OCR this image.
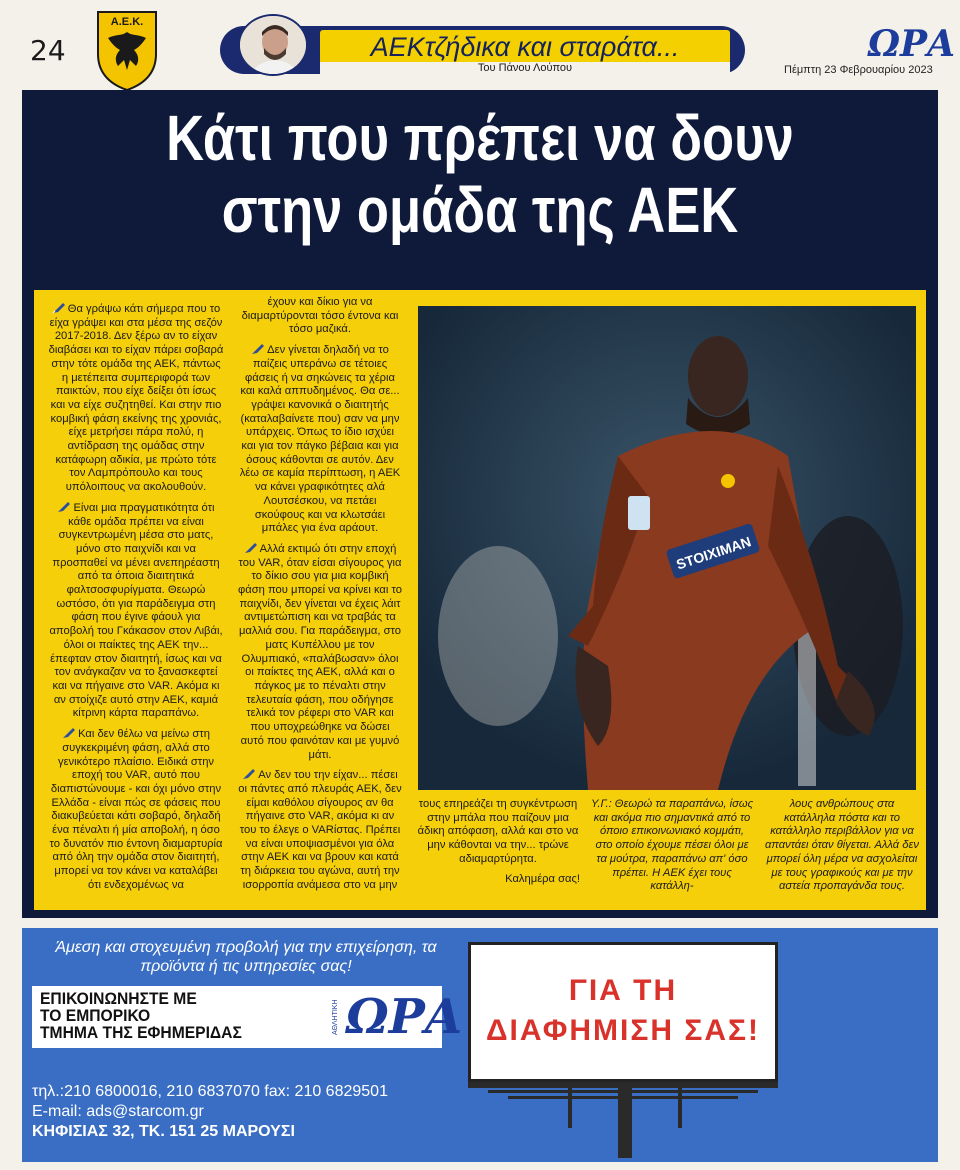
24
Α.Ε.Κ.
ΑΕΚτζήδικα και σταράτα...
Του Πάνου Λούπου
ΩΡΑ
Πέμπτη 23 Φεβρουαρίου 2023
Κάτι που πρέπει να δουν
στην ομάδα της ΑΕΚ

Θα γράψω κάτι σήμερα που το είχα γράψει και στα μέσα της σεζόν 2017-2018. Δεν ξέρω αν το είχαν διαβάσει και το είχαν πάρει σοβαρά στην τότε ομάδα της ΑΕΚ, πάντως η μετέπειτα συμπεριφορά των παικτών, που είχε δείξει ότι ίσως και να είχε συζητηθεί. Και στην πιο κομβική φάση εκείνης της χρονιάς, είχε μετρήσει πάρα πολύ, η αντίδραση της ομάδας στην κατάφωρη αδικία, με πρώτο τότε τον Λαμπρόπουλο και τους υπόλοιπους να ακολουθούν.

Είναι μια πραγματικότητα ότι κάθε ομάδα πρέπει να είναι συγκεντρωμένη μέσα στο ματς, μόνο στο παιχνίδι και να προσπαθεί να μένει ανεπηρέαστη από τα όποια διαιτητικά φαλτσοσφυρίγματα. Θεωρώ ωστόσο, ότι για παράδειγμα στη φάση που έγινε φάουλ για αποβολή του Γκάκασον στον Λιβάι, όλοι οι παίκτες της ΑΕΚ την... έπεφταν στον διαιτητή, ίσως και να τον ανάγκαζαν να το ξανασκεφτεί και να πήγαινε στο VAR. Ακόμα κι αν στοίχιζε αυτό στην ΑΕΚ, καμιά κίτρινη κάρτα παραπάνω.

Και δεν θέλω να μείνω στη συγκεκριμένη φάση, αλλά στο γενικότερο πλαίσιο. Ειδικά στην εποχή του VAR, αυτό που διαπιστώνουμε - και όχι μόνο στην Ελλάδα - είναι πώς σε φάσεις που διακυβεύεται κάτι σοβαρό, δηλαδή ένα πέναλτι ή μία αποβολή, η όσο το δυνατόν πιο έντονη διαμαρτυρία από όλη την ομάδα στον διαιτητή, μπορεί να τον κάνει να καταλάβει ότι ενδεχομένως να

έχουν και δίκιο για να διαμαρτύρονται τόσο έντονα και τόσο μαζικά.

Δεν γίνεται δηλαδή να το παίζεις υπεράνω σε τέτοιες φάσεις ή να σηκώνεις τα χέρια και καλά αππυδημένος. Θα σε... γράψει κανονικά ο διαιτητής (καταλαβαίνετε που) σαν να μην υπάρχεις. Όπως το ίδιο ισχύει και για τον πάγκο βέβαια και για όσους κάθονται σε αυτόν. Δεν λέω σε καμία περίπτωση, η ΑΕΚ να κάνει γραφικότητες αλά Λουτσέσκου, να πετάει σκούφους και να κλωτσάει μπάλες για ένα αράουτ.

Αλλά εκτιμώ ότι στην εποχή του VAR, όταν είσαι σίγουρος για το δίκιο σου για μια κομβική φάση που μπορεί να κρίνει και το παιχνίδι, δεν γίνεται να έχεις λάιτ αντιμετώπιση και να τραβάς τα μαλλιά σου. Για παράδειγμα, στο ματς Κυπέλλου με τον Ολυμπιακό, «παλάβωσαν» όλοι οι παίκτες της ΑΕΚ, αλλά και ο πάγκος με το πέναλτι στην τελευταία φάση, που οδήγησε τελικά τον ρέφερι στο VAR και που υποχρεώθηκε να δώσει αυτό που φαινόταν και με γυμνό μάτι.

Αν δεν του την είχαν... πέσει οι πάντες από πλευράς ΑΕΚ, δεν είμαι καθόλου σίγουρος αν θα πήγαινε στο VAR, ακόμα κι αν του το έλεγε ο VARίστας. Πρέπει να είναι υποψιασμένοι για όλα στην ΑΕΚ και να βρουν και κατά τη διάρκεια του αγώνα, αυτή την ισορροπία ανάμεσα στο να μην

STOIXIMAN

τους επηρεάζει τη συγκέντρωση στην μπάλα που παίζουν μια άδικη απόφαση, αλλά και στο να μην κάθονται να την... τρώνε αδιαμαρτύρητα.

Καλημέρα σας!

Υ.Γ.: Θεωρώ τα παραπάνω, ίσως και ακόμα πιο σημαντικά από το όποιο επικοινωνιακό κομμάτι, στο οποίο έχουμε πέσει όλοι με τα μούτρα, παραπάνω απ' όσο πρέπει. Η ΑΕΚ έχει τους κατάλλη-

λους ανθρώπους στα κατάλληλα πόστα και το κατάλληλο περιβάλλον για να απαντάει όταν θίγεται. Αλλά δεν μπορεί όλη μέρα να ασχολείται με τους γραφικούς και με την αστεία προπαγάνδα τους.

Άμεση και στοχευμένη προβολή για την επιχείρηση, τα προϊόντα ή τις υπηρεσίες σας!
ΕΠΙΚΟΙΝΩΝΗΣΤΕ ΜΕ
ΤΟ ΕΜΠΟΡΙΚΟ
ΤΜΗΜΑ ΤΗΣ ΕΦΗΜΕΡΙΔΑΣ	ΑΘΛΗΤΙΚΗ ΩΡΑ
τηλ.:210 6800016, 210 6837070 fax: 210 6829501
E-mail: ads@starcom.gr
ΚΗΦΙΣΙΑΣ 32, ΤΚ. 151 25 ΜΑΡΟΥΣΙ
ΓΙΑ ΤΗ
ΔΙΑΦΗΜΙΣΗ ΣΑΣ!
